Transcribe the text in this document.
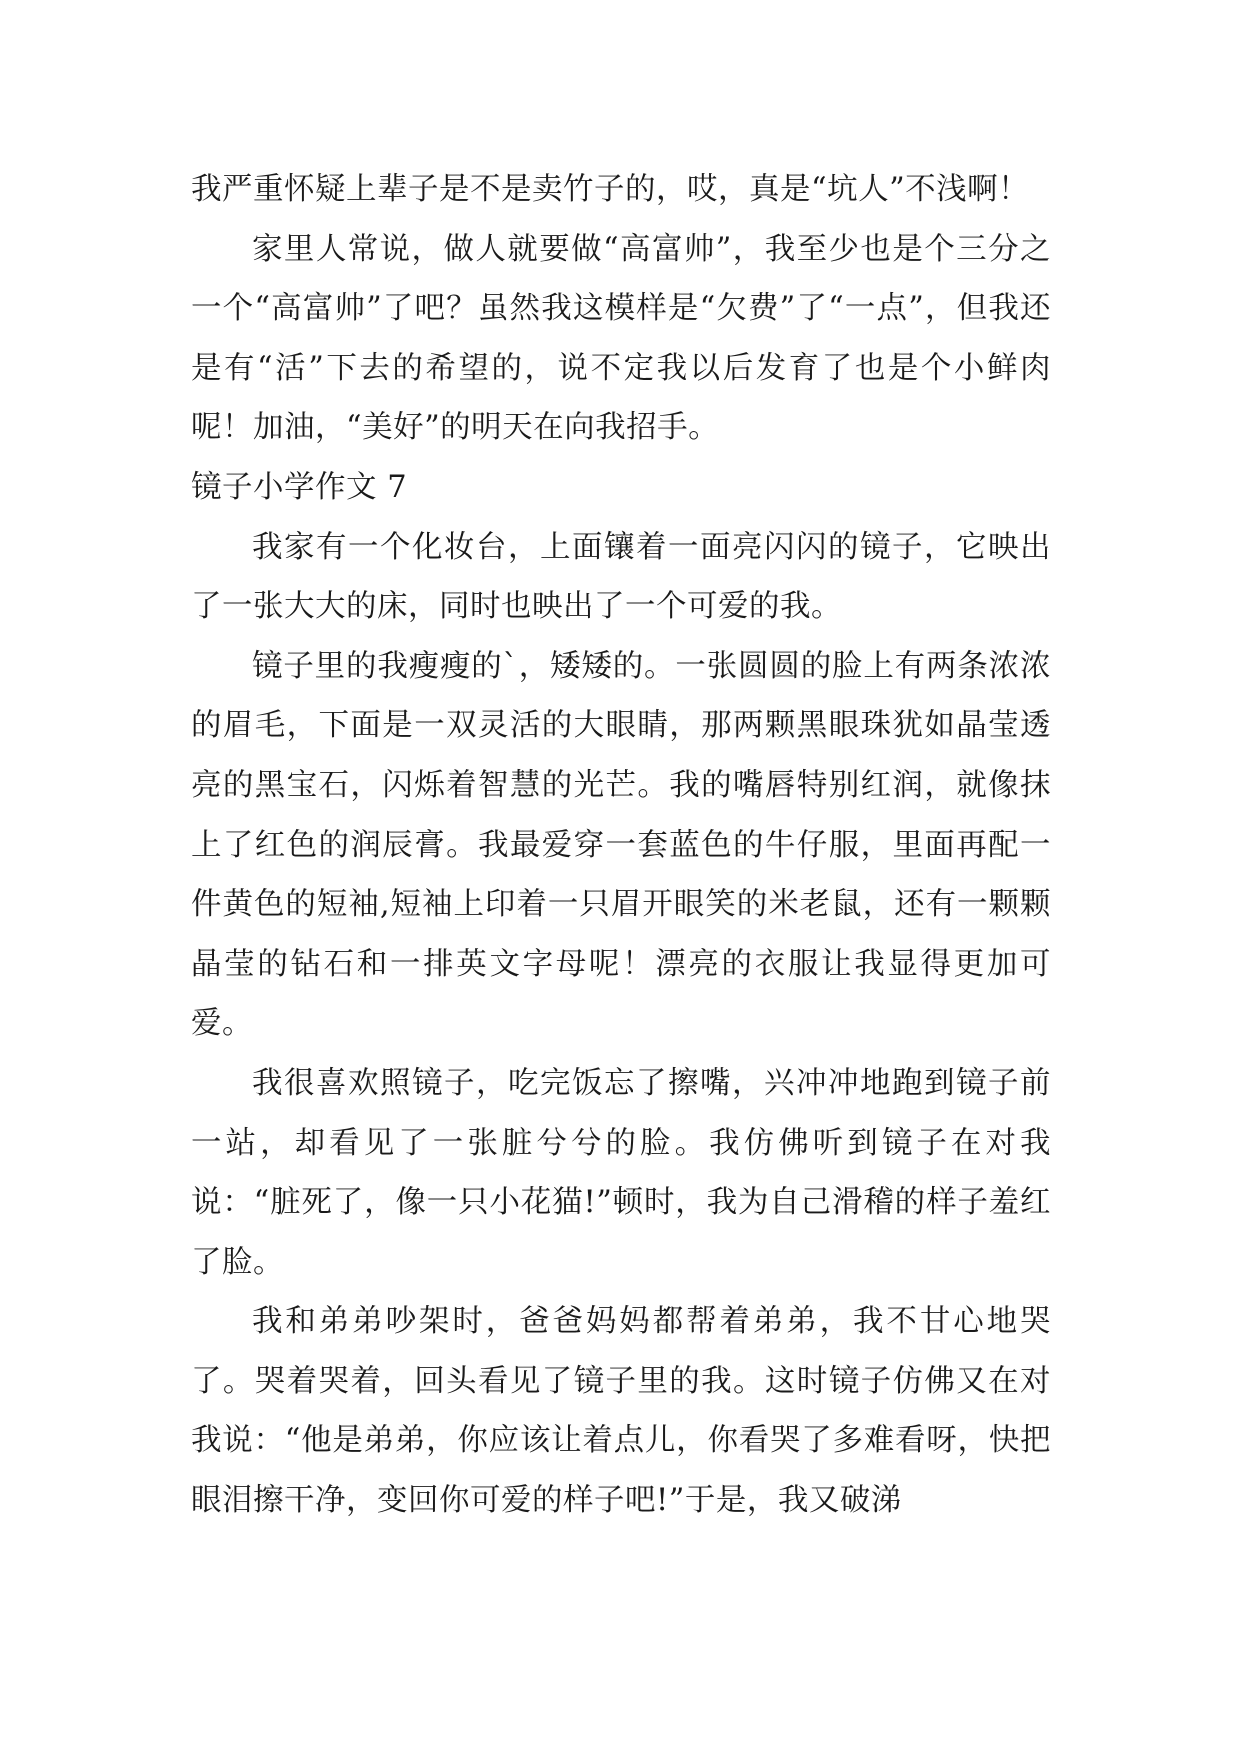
我严重怀疑上辈子是不是卖竹子的，哎，真是“坑人”不浅啊！

家里人常说，做人就要做“高富帅”，我至少也是个三分之一个“高富帅”了吧？虽然我这模样是“欠费”了“一点”，但我还是有“活”下去的希望的，说不定我以后发育了也是个小鲜肉呢！加油，“美好”的明天在向我招手。

镜子小学作文 7

我家有一个化妆台，上面镶着一面亮闪闪的镜子，它映出了一张大大的床，同时也映出了一个可爱的我。

镜子里的我瘦瘦的`，矮矮的。一张圆圆的脸上有两条浓浓的眉毛，下面是一双灵活的大眼睛，那两颗黑眼珠犹如晶莹透亮的黑宝石，闪烁着智慧的光芒。我的嘴唇特别红润，就像抹上了红色的润辰膏。我最爱穿一套蓝色的牛仔服，里面再配一件黄色的短袖,短袖上印着一只眉开眼笑的米老鼠，还有一颗颗晶莹的钻石和一排英文字母呢！漂亮的衣服让我显得更加可爱。

我很喜欢照镜子，吃完饭忘了擦嘴，兴冲冲地跑到镜子前一站，却看见了一张脏兮兮的脸。我仿佛听到镜子在对我说：“脏死了，像一只小花猫!”顿时，我为自己滑稽的样子羞红了脸。

我和弟弟吵架时，爸爸妈妈都帮着弟弟，我不甘心地哭了。哭着哭着，回头看见了镜子里的我。这时镜子仿佛又在对我说：“他是弟弟，你应该让着点儿，你看哭了多难看呀，快把眼泪擦干净，变回你可爱的样子吧!”于是，我又破涕
